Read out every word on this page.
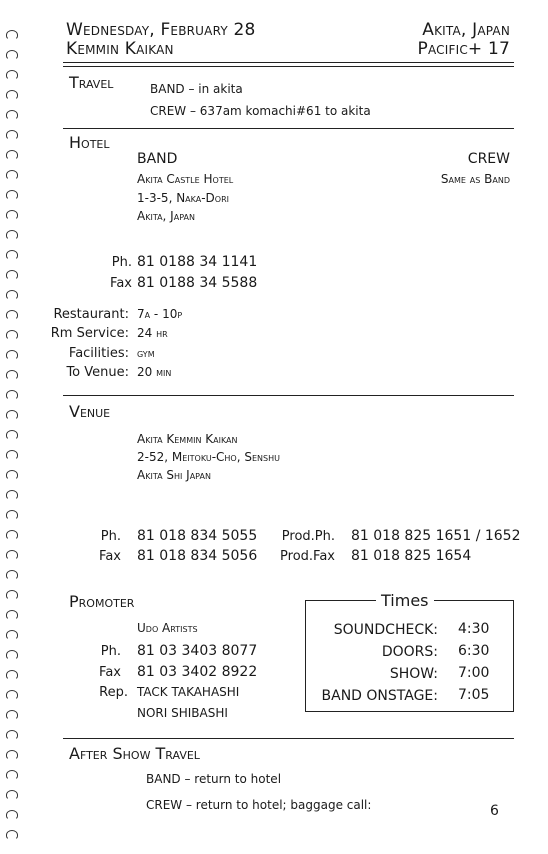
Wednesday, February 28
Kemmin Kaikan
Akita, Japan
Pacific+ 17
Travel	BAND – in akita
CREW – 637am komachi#61 to akita
Hotel
BAND	CREW
Akita Castle Hotel	Same as Band
1-3-5, Naka-Dori
Akita, Japan
Ph. 81 0188 34 1141
Fax 81 0188 34 5588
Restaurant: 7a - 10p
Rm Service: 24 hr
Facilities: gym
To Venue: 20 min
Venue
Akita Kemmin Kaikan
2-52, Meitoku-Cho, Senshu
Akita Shi Japan
Ph. 81 018 834 5055
Fax 81 018 834 5056
Prod.Ph. 81 018 825 1651 / 1652
Prod.Fax 81 018 825 1654
Promoter
Udo Artists
Ph. 81 03 3403 8077
Fax 81 03 3402 8922
Rep. TACK TAKAHASHI
NORI SHIBASHI
Times
SOUNDCHECK: 4:30
DOORS: 6:30
SHOW: 7:00
BAND ONSTAGE: 7:05
After Show Travel
BAND – return to hotel
CREW – return to hotel; baggage call:	6
